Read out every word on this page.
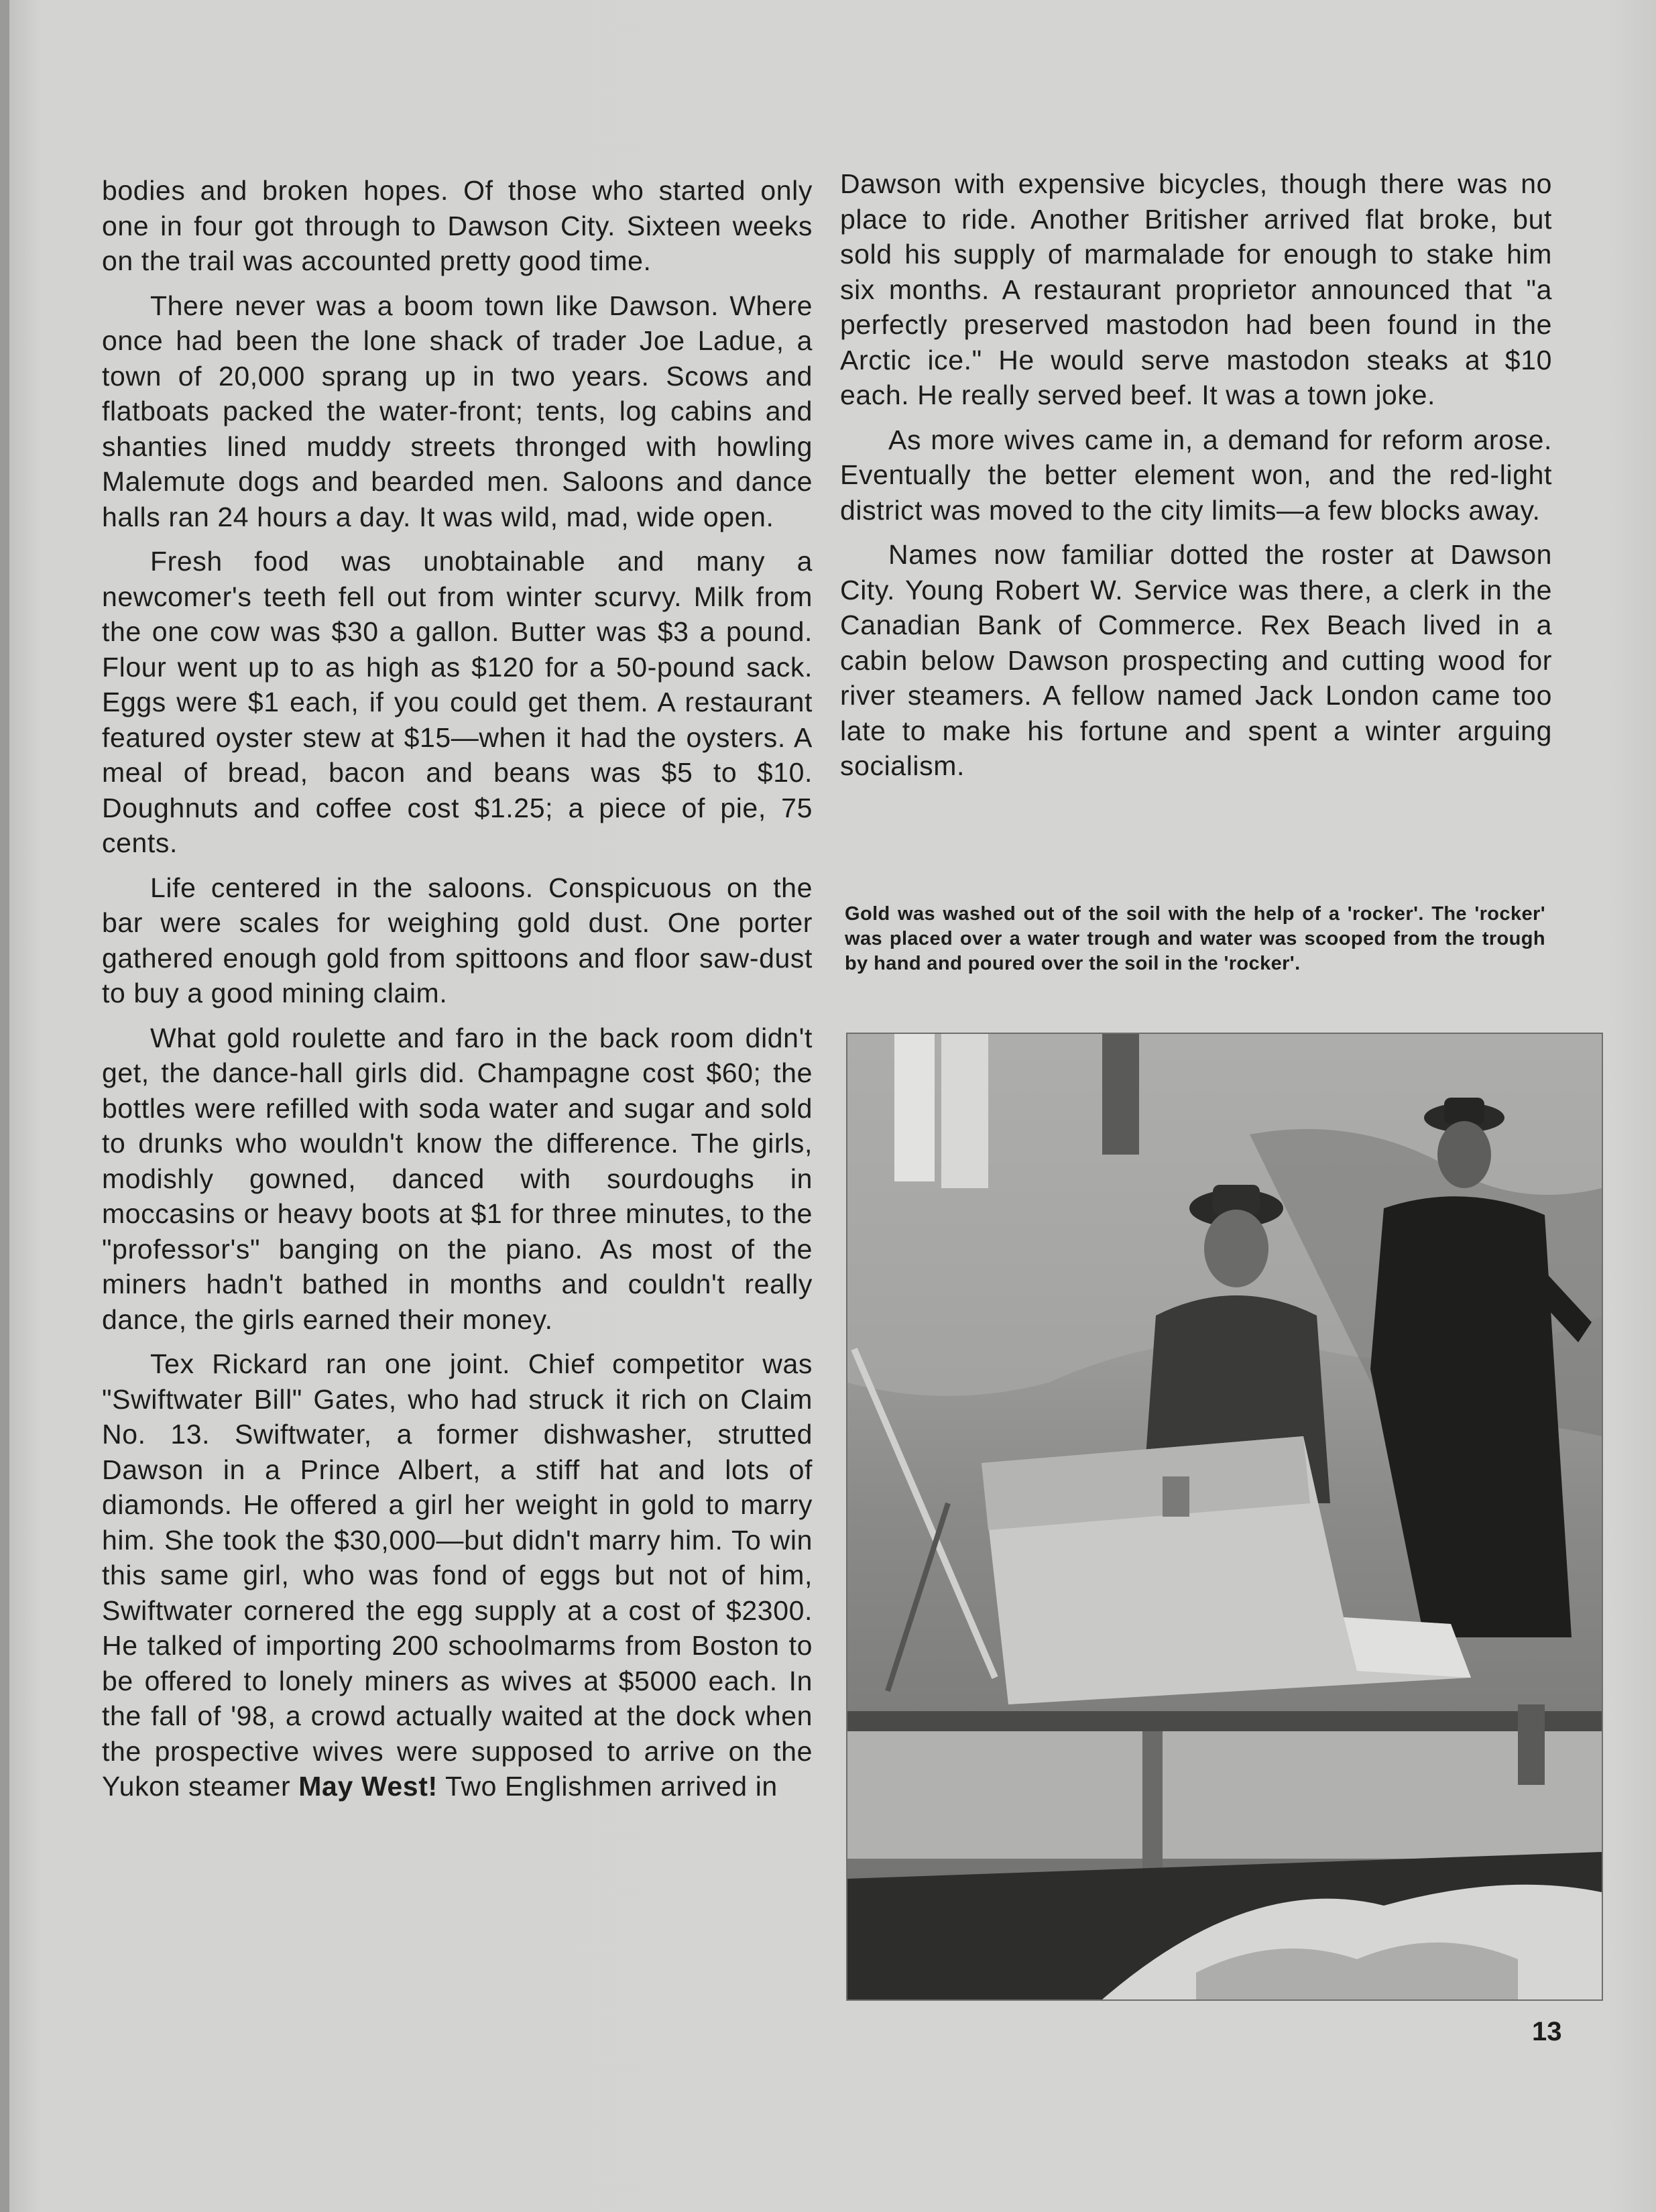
bodies and broken hopes. Of those who started only one in four got through to Dawson City. Sixteen weeks on the trail was accounted pretty good time.

There never was a boom town like Dawson. Where once had been the lone shack of trader Joe Ladue, a town of 20,000 sprang up in two years. Scows and flatboats packed the water-front; tents, log cabins and shanties lined muddy streets thronged with howling Malemute dogs and bearded men. Saloons and dance halls ran 24 hours a day. It was wild, mad, wide open.

Fresh food was unobtainable and many a newcomer's teeth fell out from winter scurvy. Milk from the one cow was $30 a gallon. Butter was $3 a pound. Flour went up to as high as $120 for a 50-pound sack. Eggs were $1 each, if you could get them. A restaurant featured oyster stew at $15—when it had the oysters. A meal of bread, bacon and beans was $5 to $10. Doughnuts and coffee cost $1.25; a piece of pie, 75 cents.

Life centered in the saloons. Conspicuous on the bar were scales for weighing gold dust. One porter gathered enough gold from spittoons and floor saw-dust to buy a good mining claim.

What gold roulette and faro in the back room didn't get, the dance-hall girls did. Champagne cost $60; the bottles were refilled with soda water and sugar and sold to drunks who wouldn't know the difference. The girls, modishly gowned, danced with sourdoughs in moccasins or heavy boots at $1 for three minutes, to the "professor's" banging on the piano. As most of the miners hadn't bathed in months and couldn't really dance, the girls earned their money.

Tex Rickard ran one joint. Chief competitor was "Swiftwater Bill" Gates, who had struck it rich on Claim No. 13. Swiftwater, a former dishwasher, strutted Dawson in a Prince Albert, a stiff hat and lots of diamonds. He offered a girl her weight in gold to marry him. She took the $30,000—but didn't marry him. To win this same girl, who was fond of eggs but not of him, Swiftwater cornered the egg supply at a cost of $2300. He talked of importing 200 schoolmarms from Boston to be offered to lonely miners as wives at $5000 each. In the fall of '98, a crowd actually waited at the dock when the prospective wives were supposed to arrive on the Yukon steamer May West! Two Englishmen arrived in

Dawson with expensive bicycles, though there was no place to ride. Another Britisher arrived flat broke, but sold his supply of marmalade for enough to stake him six months. A restaurant proprietor announced that "a perfectly preserved mastodon had been found in the Arctic ice." He would serve mastodon steaks at $10 each. He really served beef. It was a town joke.

As more wives came in, a demand for reform arose. Eventually the better element won, and the red-light district was moved to the city limits—a few blocks away.

Names now familiar dotted the roster at Dawson City. Young Robert W. Service was there, a clerk in the Canadian Bank of Commerce. Rex Beach lived in a cabin below Dawson prospecting and cutting wood for river steamers. A fellow named Jack London came too late to make his fortune and spent a winter arguing socialism.

Gold was washed out of the soil with the help of a 'rocker'. The 'rocker' was placed over a water trough and water was scooped from the trough by hand and poured over the soil in the 'rocker'.
13
